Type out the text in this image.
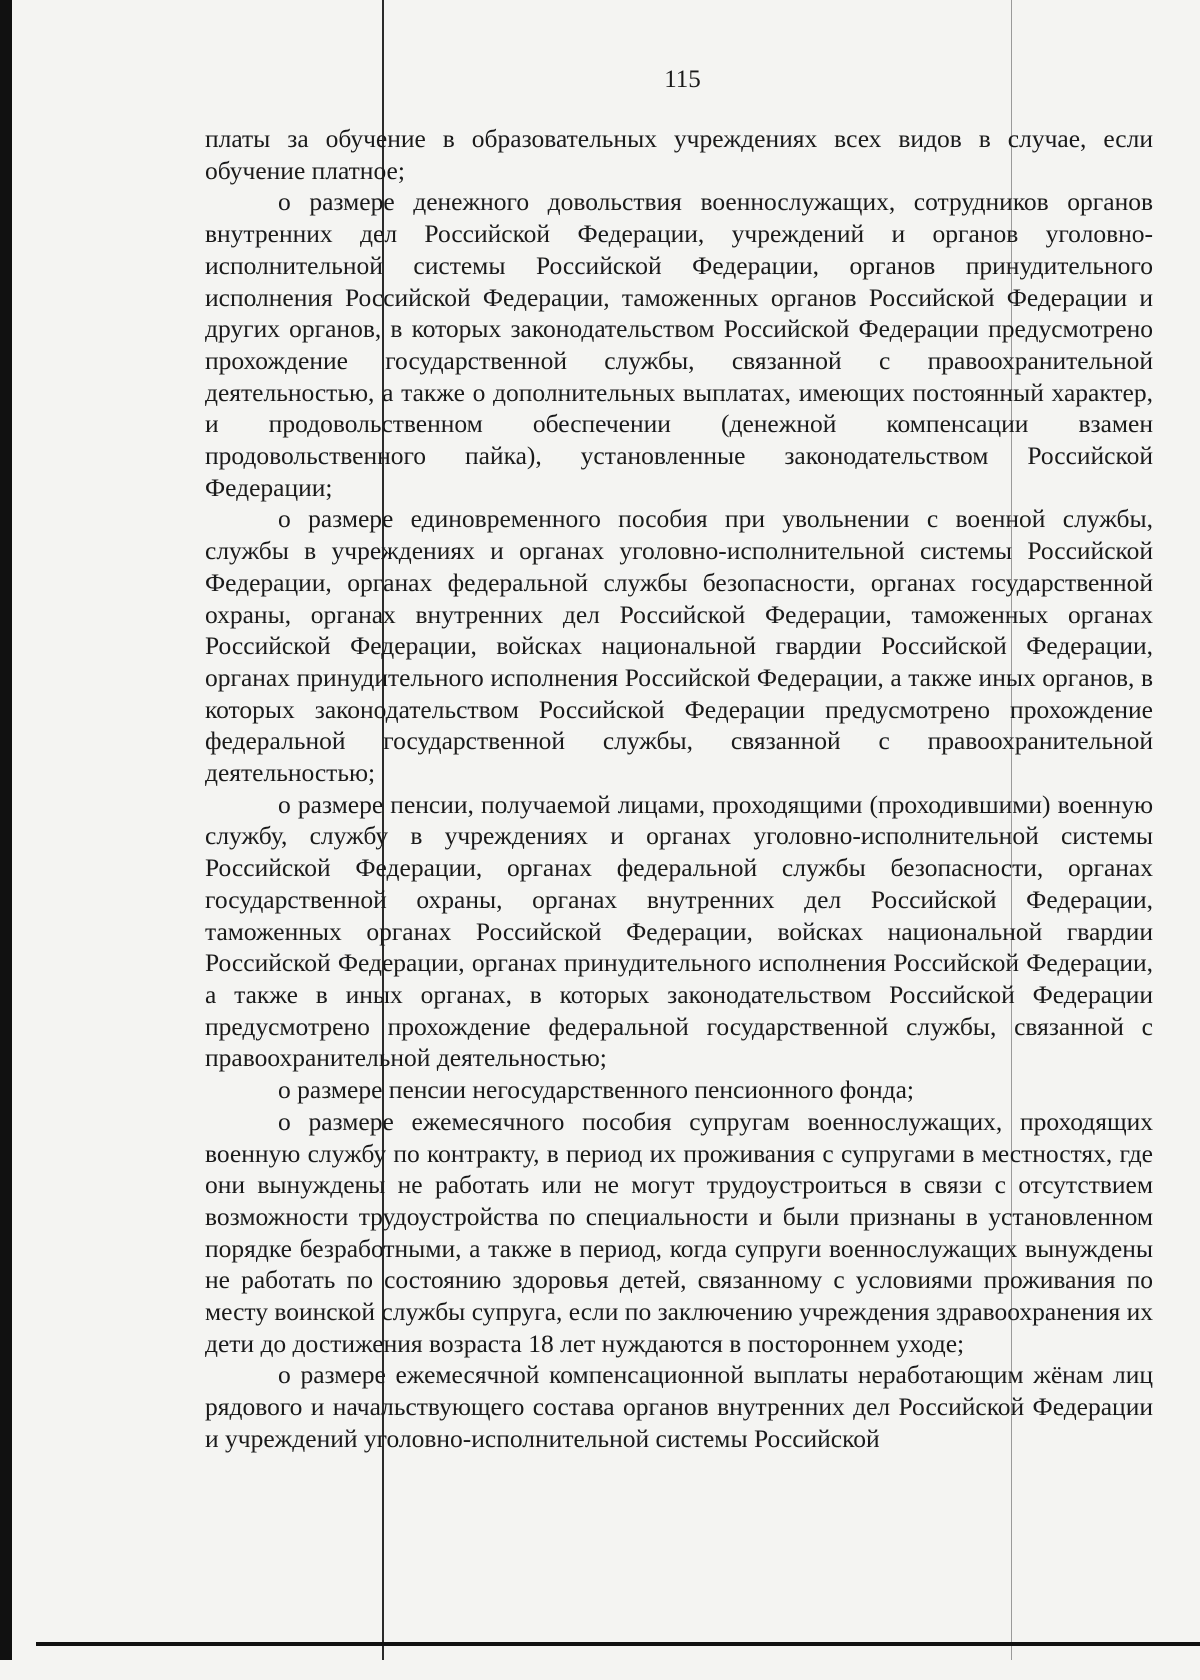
115

платы за обучение в образовательных учреждениях всех видов в случае, если обучение платное;

о размере денежного довольствия военнослужащих, сотрудников органов внутренних дел Российской Федерации, учреждений и органов уголовно-исполнительной системы Российской Федерации, органов принудительного исполнения Российской Федерации, таможенных органов Российской Федерации и других органов, в которых законодательством Российской Федерации предусмотрено прохождение государственной службы, связанной с правоохранительной деятельностью, а также о дополнительных выплатах, имеющих постоянный характер, и продовольственном обеспечении (денежной компенсации взамен продовольственного пайка), установленные законодательством Российской Федерации;

о размере единовременного пособия при увольнении с военной службы, службы в учреждениях и органах уголовно-исполнительной системы Российской Федерации, органах федеральной службы безопасности, органах государственной охраны, органах внутренних дел Российской Федерации, таможенных органах Российской Федерации, войсках национальной гвардии Российской Федерации, органах принудительного исполнения Российской Федерации, а также иных органов, в которых законодательством Российской Федерации предусмотрено прохождение федеральной государственной службы, связанной с правоохранительной деятельностью;

о размере пенсии, получаемой лицами, проходящими (проходившими) военную службу, службу в учреждениях и органах уголовно-исполнительной системы Российской Федерации, органах федеральной службы безопасности, органах государственной охраны, органах внутренних дел Российской Федерации, таможенных органах Российской Федерации, войсках национальной гвардии Российской Федерации, органах принудительного исполнения Российской Федерации, а также в иных органах, в которых законодательством Российской Федерации предусмотрено прохождение федеральной государственной службы, связанной с правоохранительной деятельностью;

о размере пенсии негосударственного пенсионного фонда;

о размере ежемесячного пособия супругам военнослужащих, проходящих военную службу по контракту, в период их проживания с супругами в местностях, где они вынуждены не работать или не могут трудоустроиться в связи с отсутствием возможности трудоустройства по специальности и были признаны в установленном порядке безработными, а также в период, когда супруги военнослужащих вынуждены не работать по состоянию здоровья детей, связанному с условиями проживания по месту воинской службы супруга, если по заключению учреждения здравоохранения их дети до достижения возраста 18 лет нуждаются в постороннем уходе;

о размере ежемесячной компенсационной выплаты неработающим жёнам лиц рядового и начальствующего состава органов внутренних дел Российской Федерации и учреждений уголовно-исполнительной системы Российской
